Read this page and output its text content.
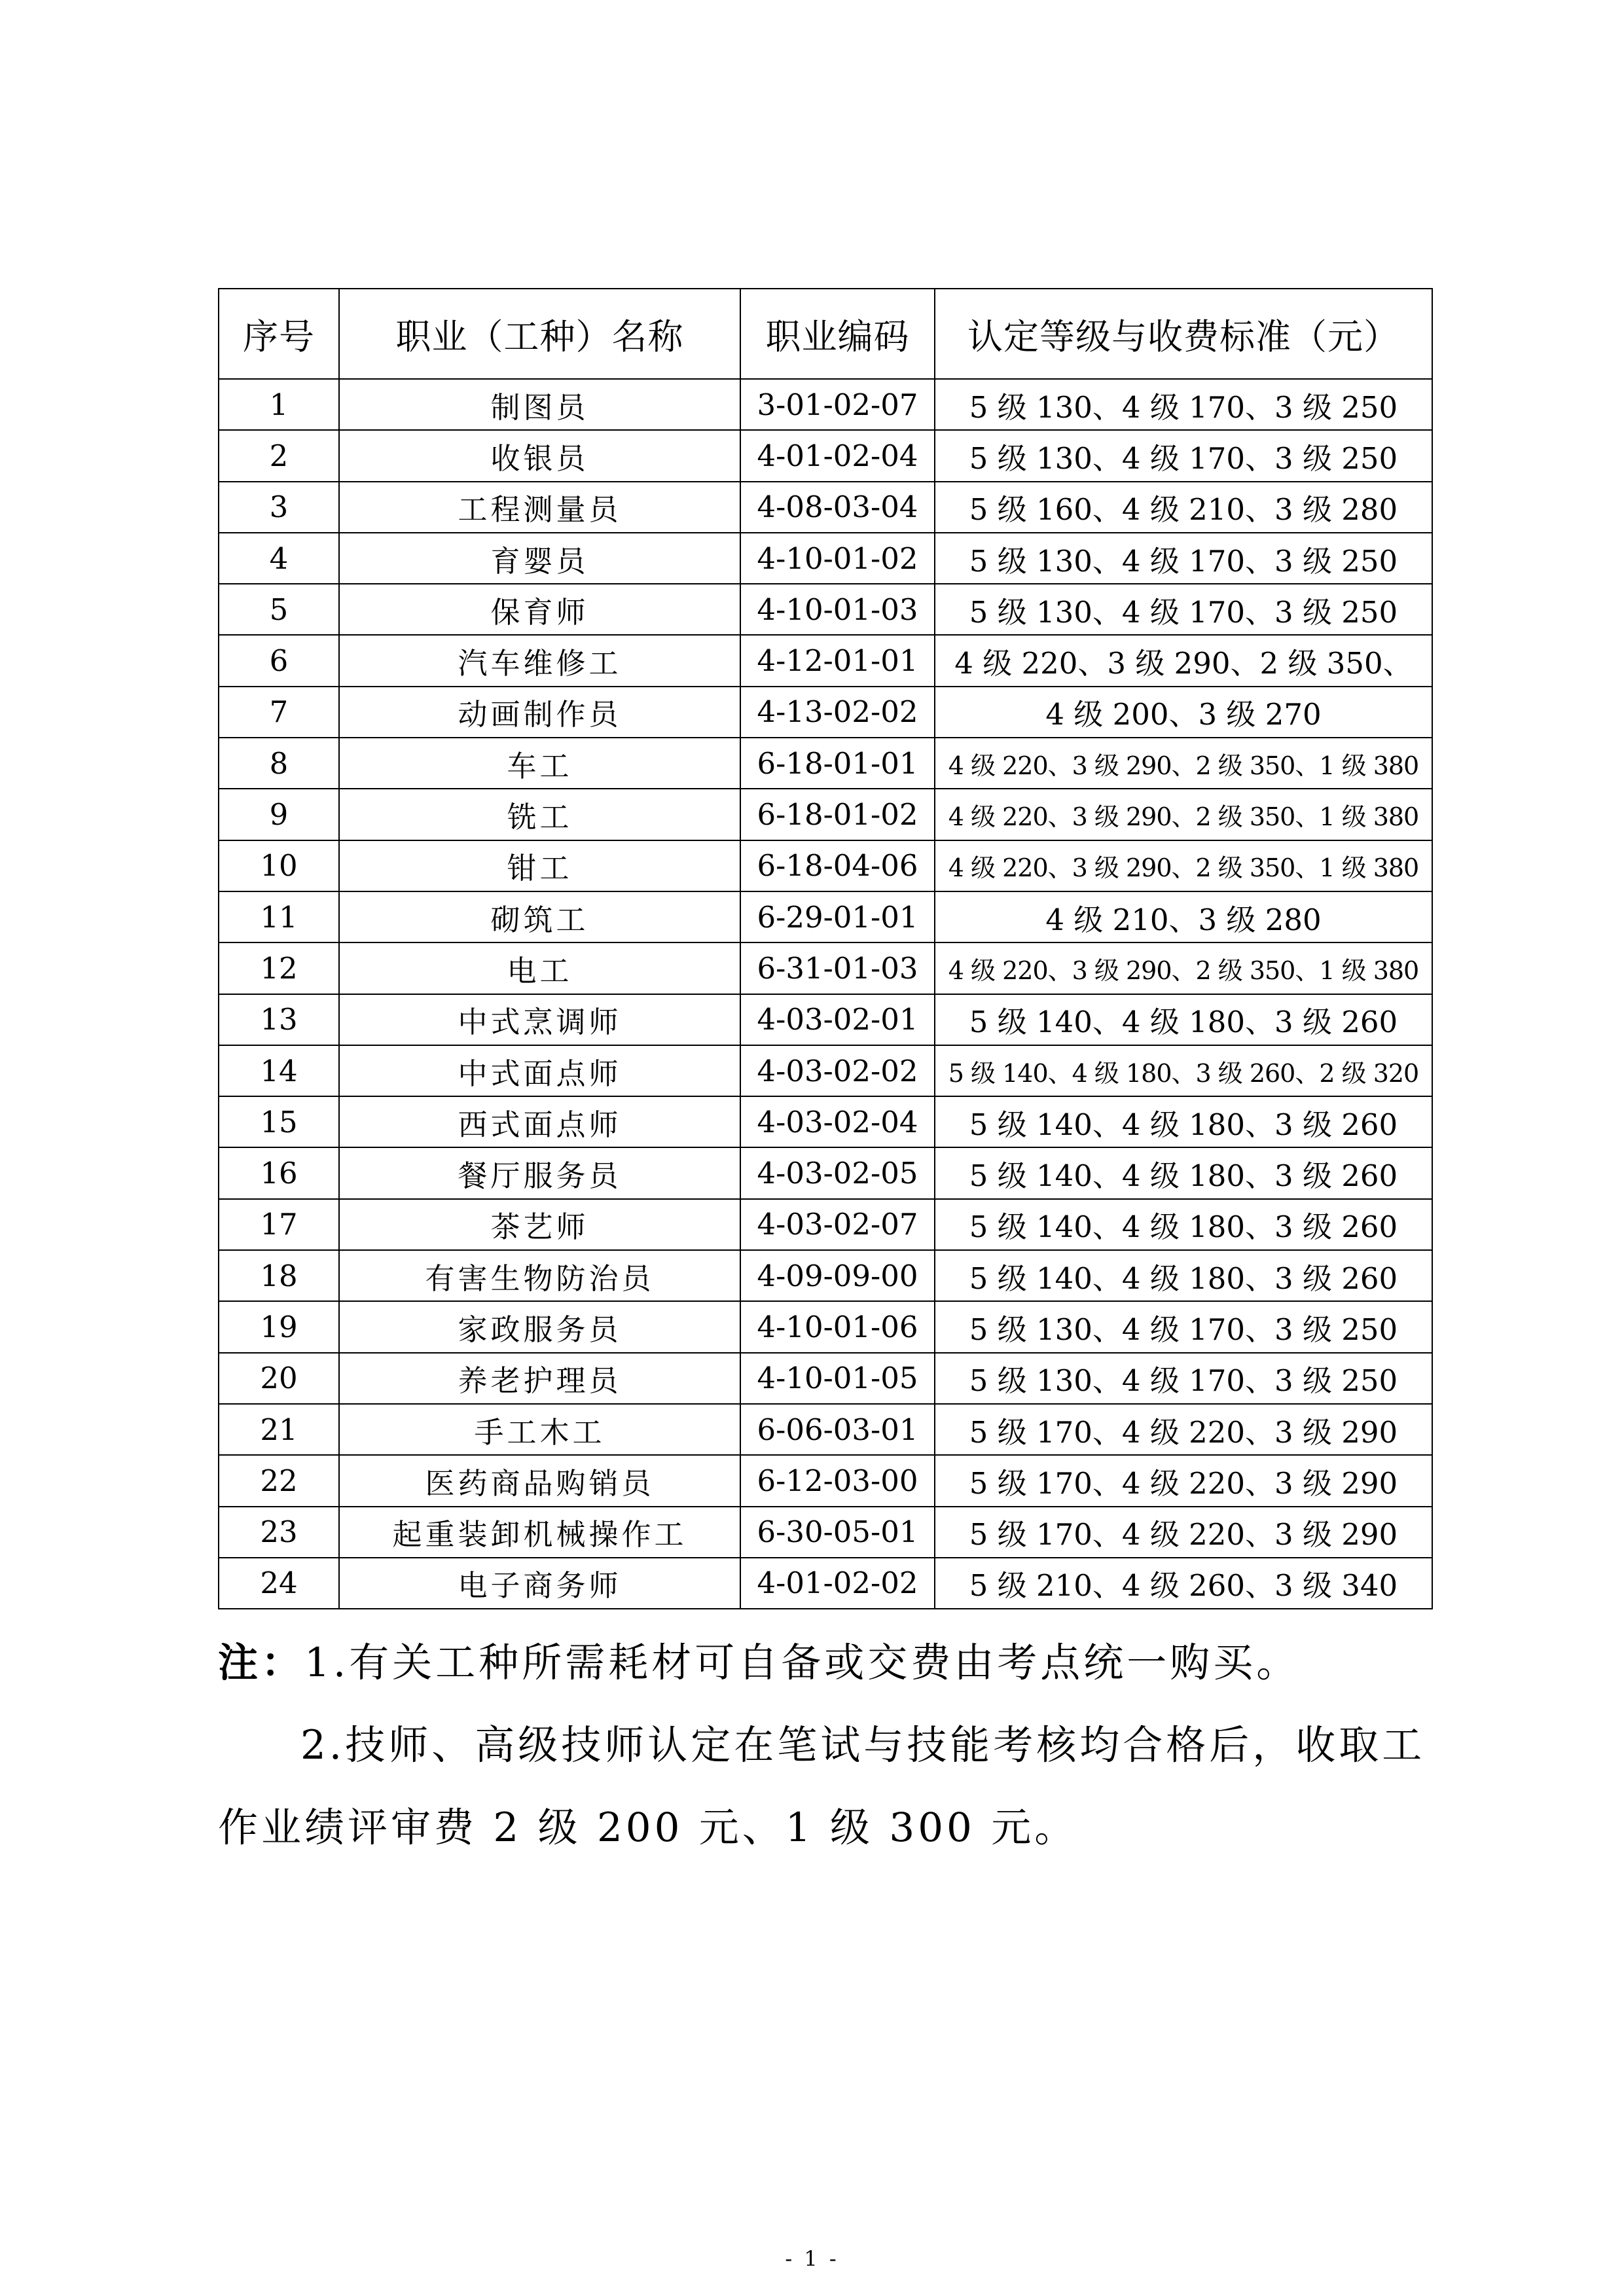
序号	职业（工种）名称	职业编码	认定等级与收费标准（元）
1	制图员	3-01-02-07	5 级 130、4 级 170、3 级 250
2	收银员	4-01-02-04	5 级 130、4 级 170、3 级 250
3	工程测量员	4-08-03-04	5 级 160、4 级 210、3 级 280
4	育婴员	4-10-01-02	5 级 130、4 级 170、3 级 250
5	保育师	4-10-01-03	5 级 130、4 级 170、3 级 250
6	汽车维修工	4-12-01-01	4 级 220、3 级 290、2 级 350、
7	动画制作员	4-13-02-02	4 级 200、3 级 270
8	车工	6-18-01-01	4 级 220、3 级 290、2 级 350、1 级 380
9	铣工	6-18-01-02	4 级 220、3 级 290、2 级 350、1 级 380
10	钳工	6-18-04-06	4 级 220、3 级 290、2 级 350、1 级 380
11	砌筑工	6-29-01-01	4 级 210、3 级 280
12	电工	6-31-01-03	4 级 220、3 级 290、2 级 350、1 级 380
13	中式烹调师	4-03-02-01	5 级 140、4 级 180、3 级 260
14	中式面点师	4-03-02-02	5 级 140、4 级 180、3 级 260、2 级 320
15	西式面点师	4-03-02-04	5 级 140、4 级 180、3 级 260
16	餐厅服务员	4-03-02-05	5 级 140、4 级 180、3 级 260
17	茶艺师	4-03-02-07	5 级 140、4 级 180、3 级 260
18	有害生物防治员	4-09-09-00	5 级 140、4 级 180、3 级 260
19	家政服务员	4-10-01-06	5 级 130、4 级 170、3 级 250
20	养老护理员	4-10-01-05	5 级 130、4 级 170、3 级 250
21	手工木工	6-06-03-01	5 级 170、4 级 220、3 级 290
22	医药商品购销员	6-12-03-00	5 级 170、4 级 220、3 级 290
23	起重装卸机械操作工	6-30-05-01	5 级 170、4 级 220、3 级 290
24	电子商务师	4-01-02-02	5 级 210、4 级 260、3 级 340
注：1.有关工种所需耗材可自备或交费由考点统一购买。
2.技师、高级技师认定在笔试与技能考核均合格后，收取工
作业绩评审费 2 级 200 元、1 级 300 元。
- 1 -
